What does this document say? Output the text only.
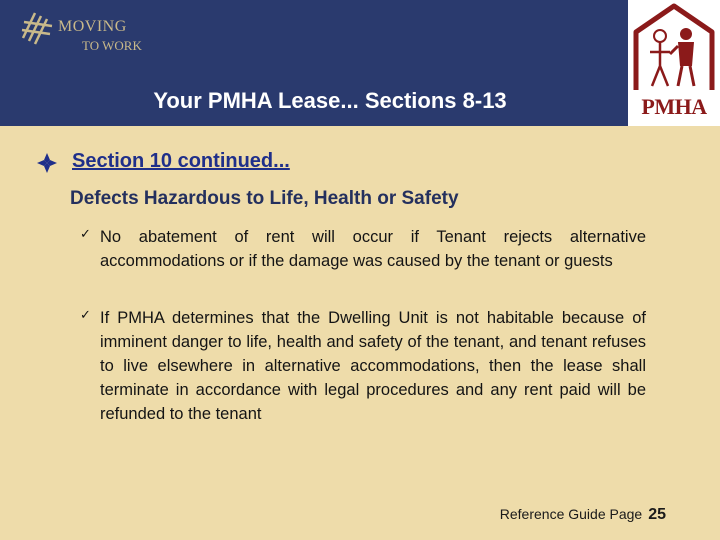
MOVING
TO WORK
Your PMHA Lease... Sections 8-13	PMHA
Section 10 continued...
Defects Hazardous to Life, Health or Safety
✓ No abatement of rent will occur if Tenant rejects alternative accommodations or if the damage was caused by the tenant or guests
✓ If PMHA determines that the Dwelling Unit is not habitable because of imminent danger to life, health and safety of the tenant, and tenant refuses to live elsewhere in alternative accommodations, then the lease shall terminate in accordance with legal procedures and any rent paid will be refunded to the tenant
Reference Guide Page 25
